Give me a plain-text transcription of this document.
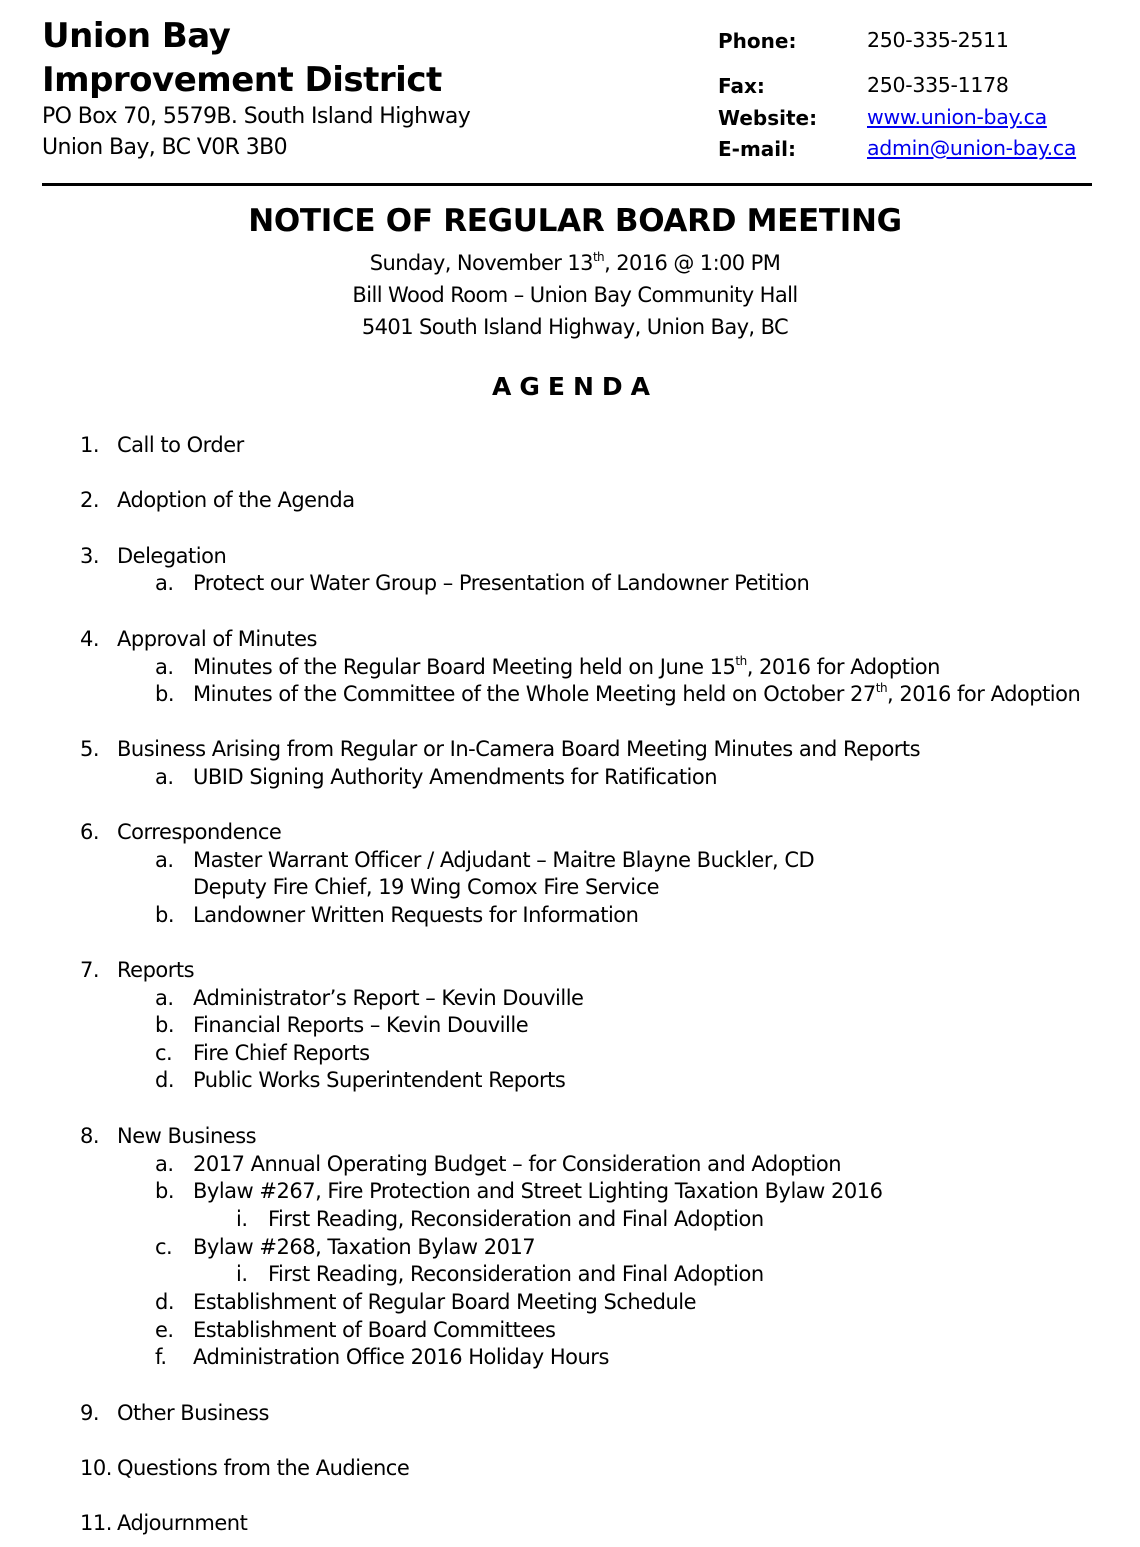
Union Bay
Improvement District
PO Box 70, 5579B. South Island Highway
Union Bay, BC V0R 3B0
Phone:	250-335-2511
Fax:	250-335-1178
Website: www.union-bay.ca
E-mail:	admin@union-bay.ca
NOTICE OF REGULAR BOARD MEETING
Sunday, November 13th, 2016 @ 1:00 PM
Bill Wood Room – Union Bay Community Hall
5401 South Island Highway, Union Bay, BC
AGENDA
1. Call to Order
2. Adoption of the Agenda
3. Delegation
a. Protect our Water Group – Presentation of Landowner Petition
4. Approval of Minutes
a. Minutes of the Regular Board Meeting held on June 15th, 2016 for Adoption
b. Minutes of the Committee of the Whole Meeting held on October 27th, 2016 for Adoption
5. Business Arising from Regular or In-Camera Board Meeting Minutes and Reports
a. UBID Signing Authority Amendments for Ratification
6. Correspondence
a. Master Warrant Officer / Adjudant – Maitre Blayne Buckler, CD
Deputy Fire Chief, 19 Wing Comox Fire Service
b. Landowner Written Requests for Information
7. Reports
a. Administrator’s Report – Kevin Douville
b. Financial Reports – Kevin Douville
c. Fire Chief Reports
d. Public Works Superintendent Reports
8. New Business
a. 2017 Annual Operating Budget – for Consideration and Adoption
b. Bylaw #267, Fire Protection and Street Lighting Taxation Bylaw 2016
i. First Reading, Reconsideration and Final Adoption
c. Bylaw #268, Taxation Bylaw 2017
i. First Reading, Reconsideration and Final Adoption
d. Establishment of Regular Board Meeting Schedule
e. Establishment of Board Committees
f. Administration Office 2016 Holiday Hours
9. Other Business
10. Questions from the Audience
11. Adjournment
